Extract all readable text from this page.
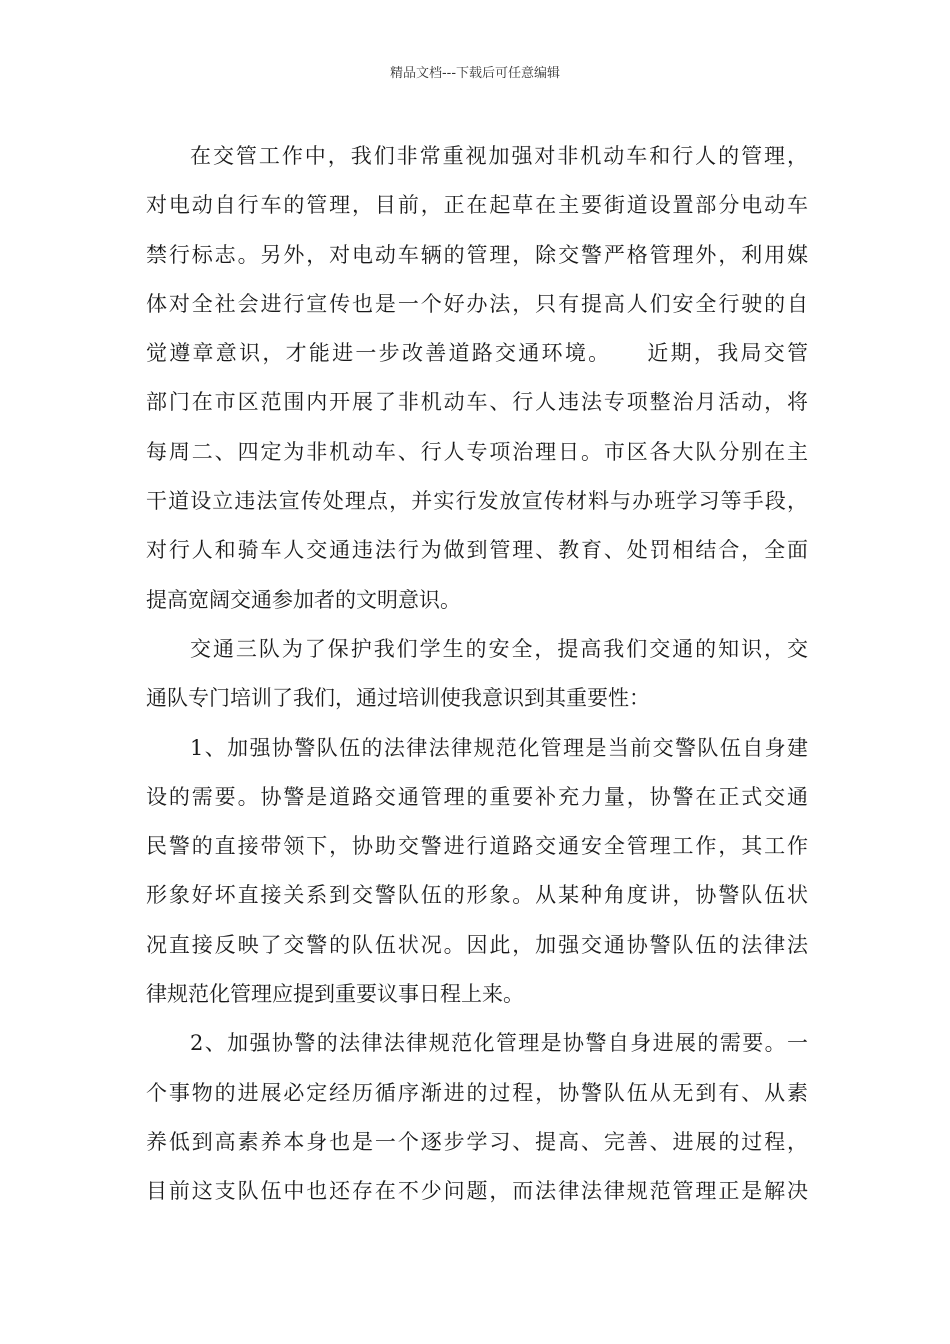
精品文档---下载后可任意编辑
在交管工作中，我们非常重视加强对非机动车和行人的管理，
对电动自行车的管理，目前，正在起草在主要街道设置部分电动车
禁行标志。另外，对电动车辆的管理，除交警严格管理外，利用媒
体对全社会进行宣传也是一个好办法，只有提高人们安全行驶的自
觉遵章意识，才能进一步改善道路交通环境。　　近期，我局交管
部门在市区范围内开展了非机动车、行人违法专项整治月活动，将
每周二、四定为非机动车、行人专项治理日。市区各大队分别在主
干道设立违法宣传处理点，并实行发放宣传材料与办班学习等手段，
对行人和骑车人交通违法行为做到管理、教育、处罚相结合，全面
提高宽阔交通参加者的文明意识。
交通三队为了保护我们学生的安全，提高我们交通的知识，交
通队专门培训了我们，通过培训使我意识到其重要性：
1、加强协警队伍的法律法律规范化管理是当前交警队伍自身建
设的需要。协警是道路交通管理的重要补充力量，协警在正式交通
民警的直接带领下，协助交警进行道路交通安全管理工作，其工作
形象好坏直接关系到交警队伍的形象。从某种角度讲，协警队伍状
况直接反映了交警的队伍状况。因此，加强交通协警队伍的法律法
律规范化管理应提到重要议事日程上来。
2、加强协警的法律法律规范化管理是协警自身进展的需要。一
个事物的进展必定经历循序渐进的过程，协警队伍从无到有、从素
养低到高素养本身也是一个逐步学习、提高、完善、进展的过程，
目前这支队伍中也还存在不少问题，而法律法律规范管理正是解决
